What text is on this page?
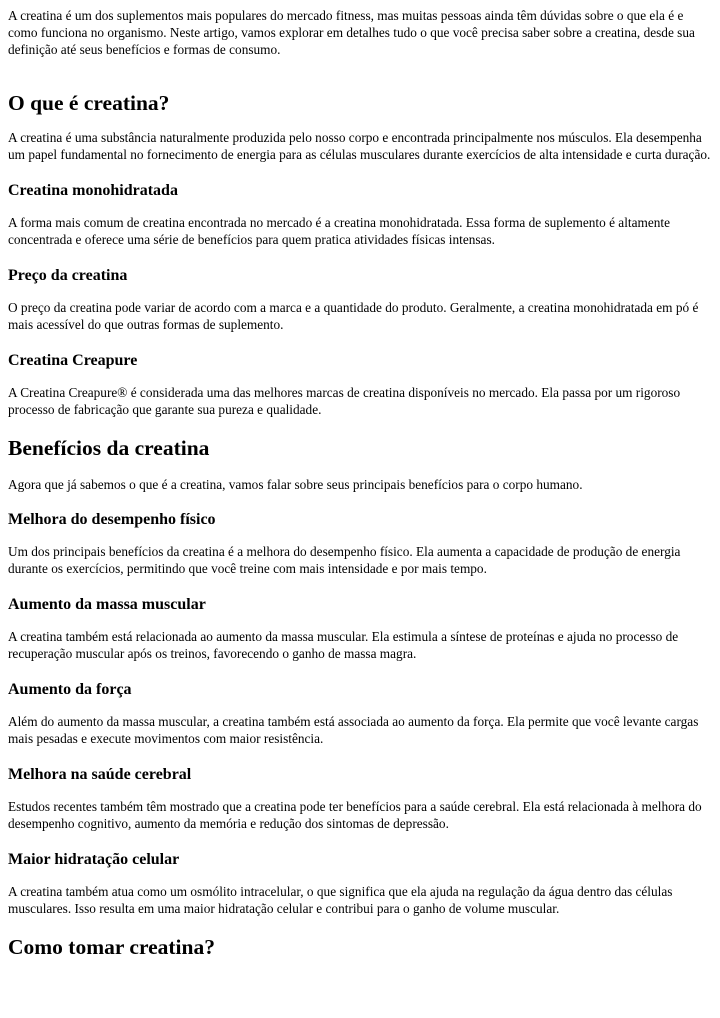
A creatina é um dos suplementos mais populares do mercado fitness, mas muitas pessoas ainda têm dúvidas sobre o que ela é e como funciona no organismo. Neste artigo, vamos explorar em detalhes tudo o que você precisa saber sobre a creatina, desde sua definição até seus benefícios e formas de consumo.

O que é creatina?

A creatina é uma substância naturalmente produzida pelo nosso corpo e encontrada principalmente nos músculos. Ela desempenha um papel fundamental no fornecimento de energia para as células musculares durante exercícios de alta intensidade e curta duração.

Creatina monohidratada

A forma mais comum de creatina encontrada no mercado é a creatina monohidratada. Essa forma de suplemento é altamente concentrada e oferece uma série de benefícios para quem pratica atividades físicas intensas.

Preço da creatina

O preço da creatina pode variar de acordo com a marca e a quantidade do produto. Geralmente, a creatina monohidratada em pó é mais acessível do que outras formas de suplemento.

Creatina Creapure

A Creatina Creapure® é considerada uma das melhores marcas de creatina disponíveis no mercado. Ela passa por um rigoroso processo de fabricação que garante sua pureza e qualidade.

Benefícios da creatina

Agora que já sabemos o que é a creatina, vamos falar sobre seus principais benefícios para o corpo humano.

Melhora do desempenho físico

Um dos principais benefícios da creatina é a melhora do desempenho físico. Ela aumenta a capacidade de produção de energia durante os exercícios, permitindo que você treine com mais intensidade e por mais tempo.

Aumento da massa muscular

A creatina também está relacionada ao aumento da massa muscular. Ela estimula a síntese de proteínas e ajuda no processo de recuperação muscular após os treinos, favorecendo o ganho de massa magra.

Aumento da força

Além do aumento da massa muscular, a creatina também está associada ao aumento da força. Ela permite que você levante cargas mais pesadas e execute movimentos com maior resistência.

Melhora na saúde cerebral

Estudos recentes também têm mostrado que a creatina pode ter benefícios para a saúde cerebral. Ela está relacionada à melhora do desempenho cognitivo, aumento da memória e redução dos sintomas de depressão.

Maior hidratação celular

A creatina também atua como um osmólito intracelular, o que significa que ela ajuda na regulação da água dentro das células musculares. Isso resulta em uma maior hidratação celular e contribui para o ganho de volume muscular.

Como tomar creatina?
